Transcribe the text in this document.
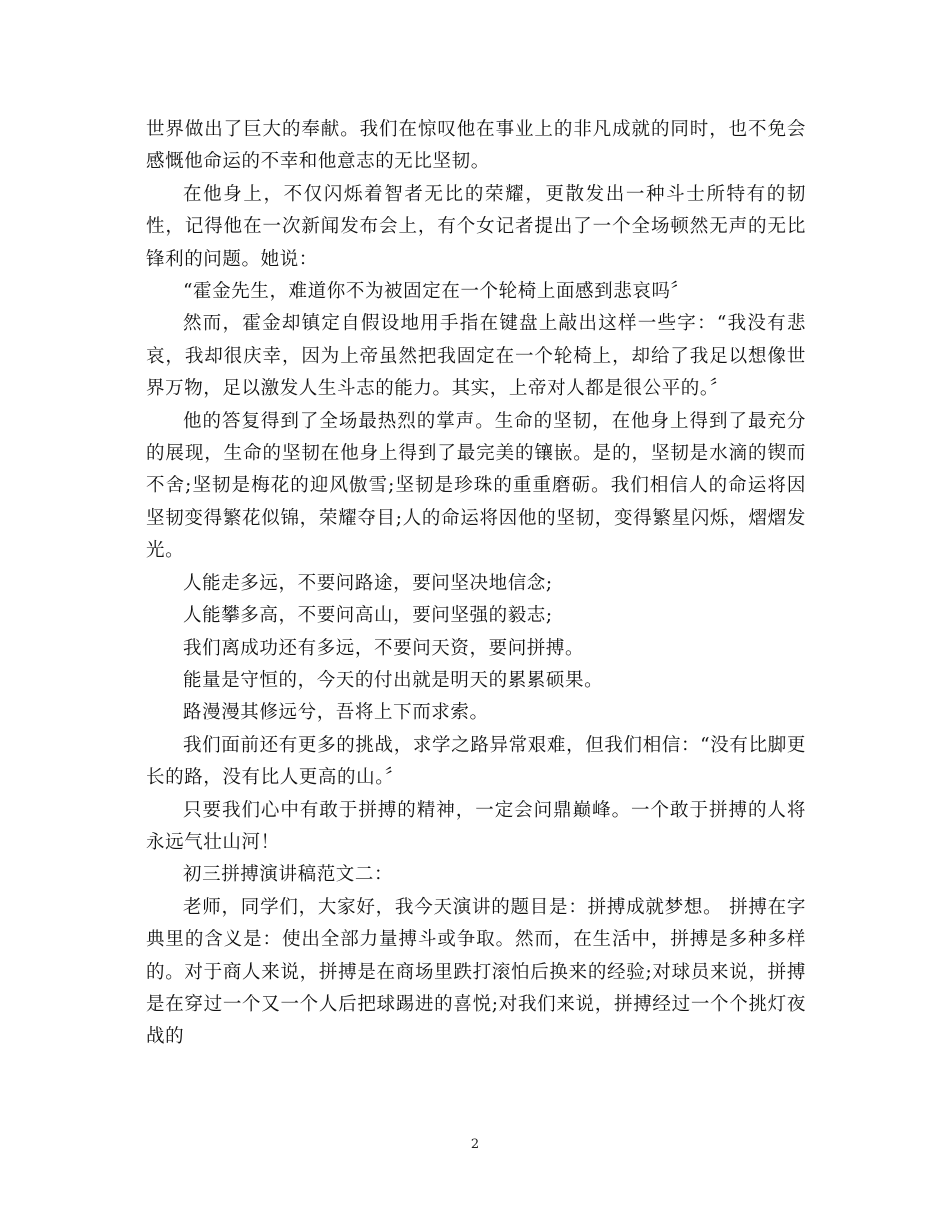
世界做出了巨大的奉献。我们在惊叹他在事业上的非凡成就的同时，也不免会感慨他命运的不幸和他意志的无比坚韧。

在他身上，不仅闪烁着智者无比的荣耀，更散发出一种斗士所特有的韧性，记得他在一次新闻发布会上，有个女记者提出了一个全场顿然无声的无比锋利的问题。她说：

“霍金先生，难道你不为被固定在一个轮椅上面感到悲哀吗〞

然而，霍金却镇定自假设地用手指在键盘上敲出这样一些字：“我没有悲哀，我却很庆幸，因为上帝虽然把我固定在一个轮椅上，却给了我足以想像世界万物，足以激发人生斗志的能力。其实，上帝对人都是很公平的。〞

他的答复得到了全场最热烈的掌声。生命的坚韧，在他身上得到了最充分的展现，生命的坚韧在他身上得到了最完美的镶嵌。是的，坚韧是水滴的锲而不舍;坚韧是梅花的迎风傲雪;坚韧是珍珠的重重磨砺。我们相信人的命运将因坚韧变得繁花似锦，荣耀夺目;人的命运将因他的坚韧，变得繁星闪烁，熠熠发光。

人能走多远，不要问路途，要问坚决地信念;

人能攀多高，不要问高山，要问坚强的毅志;

我们离成功还有多远，不要问天资，要问拼搏。

能量是守恒的，今天的付出就是明天的累累硕果。

路漫漫其修远兮，吾将上下而求索。

我们面前还有更多的挑战，求学之路异常艰难，但我们相信：“没有比脚更长的路，没有比人更高的山。〞

只要我们心中有敢于拼搏的精神，一定会问鼎巅峰。一个敢于拼搏的人将永远气壮山河！

初三拼搏演讲稿范文二：

老师，同学们，大家好，我今天演讲的题目是：拼搏成就梦想。 拼搏在字典里的含义是：使出全部力量搏斗或争取。然而，在生活中，拼搏是多种多样的。对于商人来说，拼搏是在商场里跌打滚怕后换来的经验;对球员来说，拼搏是在穿过一个又一个人后把球踢进的喜悦;对我们来说，拼搏经过一个个挑灯夜战的

2
